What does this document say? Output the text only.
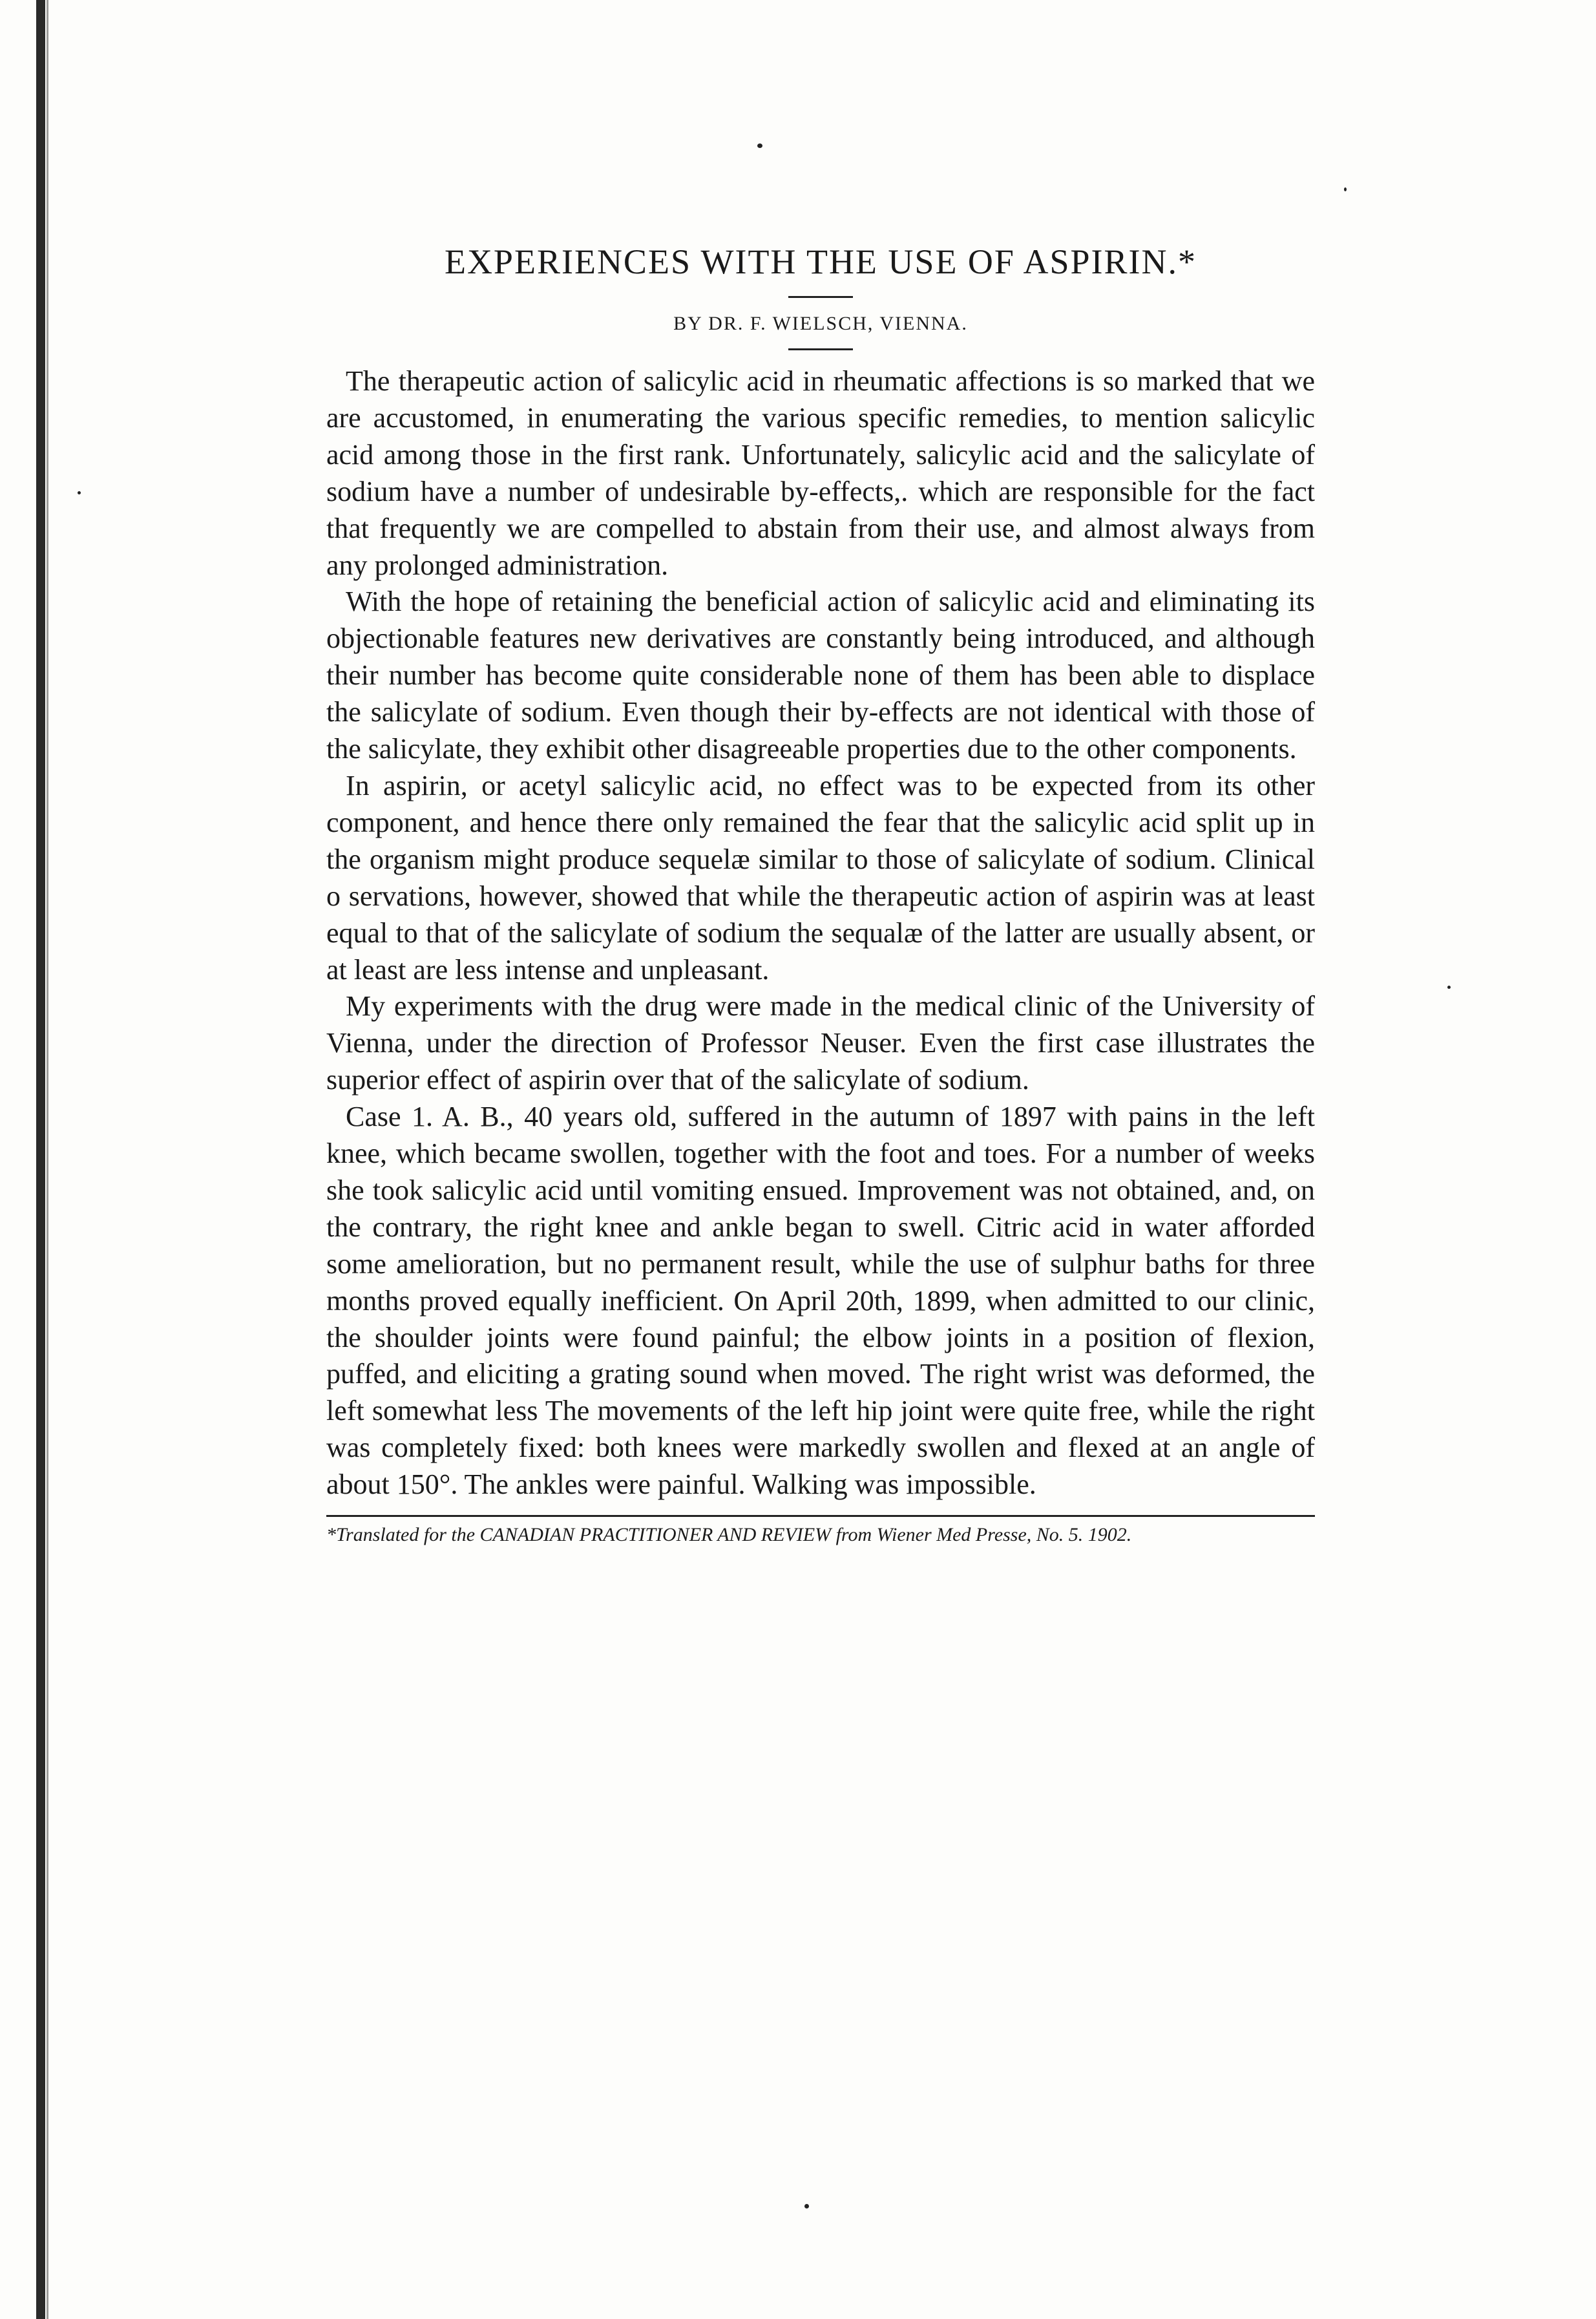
EXPERIENCES WITH THE USE OF ASPIRIN.*

BY DR. F. WIELSCH, VIENNA.

The therapeutic action of salicylic acid in rheumatic affections is so marked that we are accustomed, in enumerating the various specific remedies, to mention salicylic acid among those in the first rank. Unfortunately, salicylic acid and the salicylate of sodium have a number of undesirable by-effects,. which are responsible for the fact that frequently we are compelled to abstain from their use, and almost always from any prolonged administration.

With the hope of retaining the beneficial action of salicylic acid and eliminating its objectionable features new derivatives are constantly being introduced, and although their number has become quite considerable none of them has been able to displace the salicylate of sodium. Even though their by-effects are not identical with those of the salicylate, they exhibit other disagreeable properties due to the other components.

In aspirin, or acetyl salicylic acid, no effect was to be expected from its other component, and hence there only remained the fear that the salicylic acid split up in the organism might produce sequelæ similar to those of salicylate of sodium. Clinical o servations, however, showed that while the therapeutic action of aspirin was at least equal to that of the salicylate of sodium the sequalæ of the latter are usually absent, or at least are less intense and unpleasant.

My experiments with the drug were made in the medical clinic of the University of Vienna, under the direction of Professor Neuser. Even the first case illustrates the superior effect of aspirin over that of the salicylate of sodium.

Case 1. A. B., 40 years old, suffered in the autumn of 1897 with pains in the left knee, which became swollen, together with the foot and toes. For a number of weeks she took salicylic acid until vomiting ensued. Improvement was not obtained, and, on the contrary, the right knee and ankle began to swell. Citric acid in water afforded some amelioration, but no permanent result, while the use of sulphur baths for three months proved equally inefficient. On April 20th, 1899, when admitted to our clinic, the shoulder joints were found painful; the elbow joints in a position of flexion, puffed, and eliciting a grating sound when moved. The right wrist was deformed, the left somewhat less The movements of the left hip joint were quite free, while the right was completely fixed: both knees were markedly swollen and flexed at an angle of about 150°. The ankles were painful. Walking was impossible.

*Translated for the CANADIAN PRACTITIONER AND REVIEW from Wiener Med Presse, No. 5. 1902.
